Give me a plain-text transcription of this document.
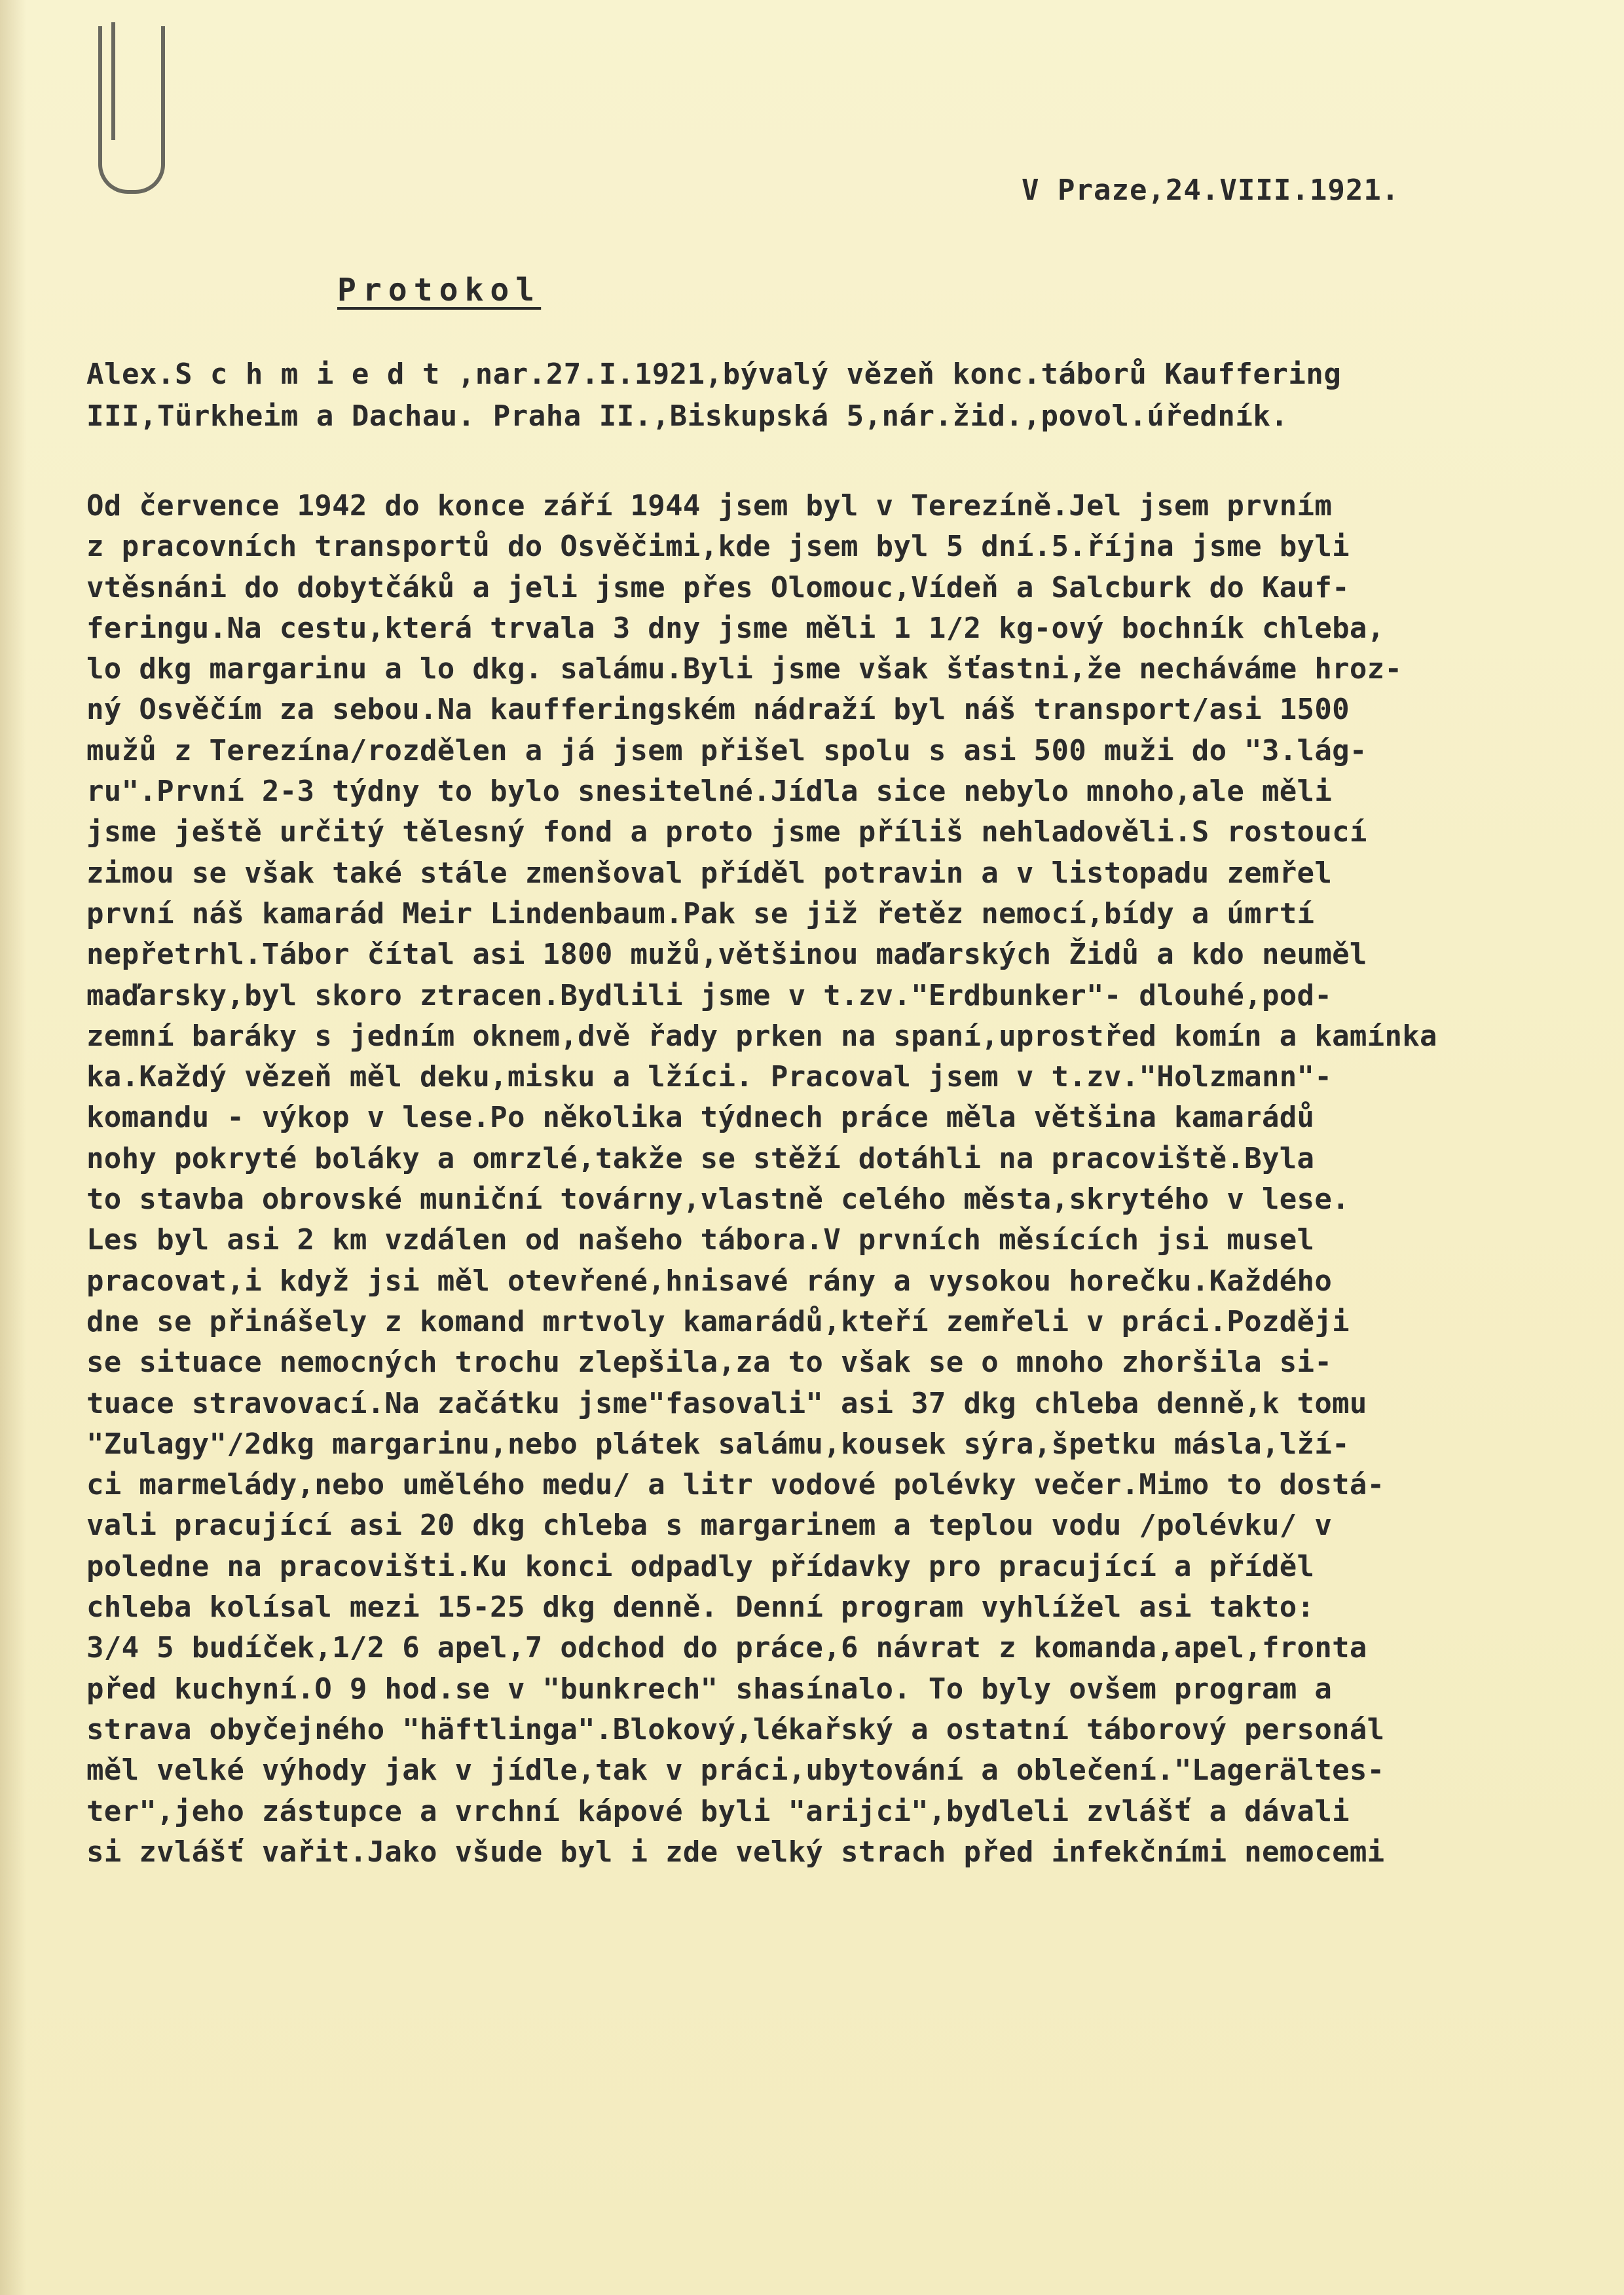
V Praze,24.VIII.1921.
Protokol
Alex.S c h m i e d t ,nar.27.I.1921,bývalý vězeň konc.táborů Kauffering
III,Türkheim a Dachau. Praha II.,Biskupská 5,nár.žid.,povol.úředník.
Od července 1942 do konce září 1944 jsem byl v Terezíně.Jel jsem prvním
z pracovních transportů do Osvěčimi,kde jsem byl 5 dní.5.října jsme byli
vtěsnáni do dobytčáků a jeli jsme přes Olomouc,Vídeň a Salcburk do Kauf-
feringu.Na cestu,která trvala 3 dny jsme měli 1 1/2 kg-ový bochník chleba,
lo dkg margarinu a lo dkg. salámu.Byli jsme však šťastni,že necháváme hroz-
ný Osvěčím za sebou.Na kaufferingském nádraží byl náš transport/asi 1500
mužů z Terezína/rozdělen a já jsem přišel spolu s asi 500 muži do "3.lág-
ru".První 2-3 týdny to bylo snesitelné.Jídla sice nebylo mnoho,ale měli
jsme ještě určitý tělesný fond a proto jsme příliš nehladověli.S rostoucí
zimou se však také stále zmenšoval příděl potravin a v listopadu zemřel
první náš kamarád Meir Lindenbaum.Pak se již řetěz nemocí,bídy a úmrtí
nepřetrhl.Tábor čítal asi 1800 mužů,většinou maďarských Židů a kdo neuměl
maďarsky,byl skoro ztracen.Bydlili jsme v t.zv."Erdbunker"- dlouhé,pod-
zemní baráky s jedním oknem,dvě řady prken na spaní,uprostřed komín a kamínka
ka.Každý vězeň měl deku,misku a lžíci. Pracoval jsem v t.zv."Holzmann"-
komandu - výkop v lese.Po několika týdnech práce měla většina kamarádů
nohy pokryté boláky a omrzlé,takže se stěží dotáhli na pracoviště.Byla
to stavba obrovské muniční továrny,vlastně celého města,skrytého v lese.
Les byl asi 2 km vzdálen od našeho tábora.V prvních měsících jsi musel
pracovat,i když jsi měl otevřené,hnisavé rány a vysokou horečku.Každého
dne se přinášely z komand mrtvoly kamarádů,kteří zemřeli v práci.Později
se situace nemocných trochu zlepšila,za to však se o mnoho zhoršila si-
tuace stravovací.Na začátku jsme"fasovali" asi 37 dkg chleba denně,k tomu
"Zulagy"/2dkg margarinu,nebo plátek salámu,kousek sýra,špetku másla,lží-
ci marmelády,nebo umělého medu/ a litr vodové polévky večer.Mimo to dostá-
vali pracující asi 20 dkg chleba s margarinem a teplou vodu /polévku/ v
poledne na pracovišti.Ku konci odpadly přídavky pro pracující a příděl
chleba kolísal mezi 15-25 dkg denně. Denní program vyhlížel asi takto:
3/4 5 budíček,1/2 6 apel,7 odchod do práce,6 návrat z komanda,apel,fronta
před kuchyní.O 9 hod.se v "bunkrech" shasínalo. To byly ovšem program a
strava obyčejného "häftlinga".Blokový,lékařský a ostatní táborový personál
měl velké výhody jak v jídle,tak v práci,ubytování a oblečení."Lagerältes-
ter",jeho zástupce a vrchní kápové byli "arijci",bydleli zvlášť a dávali
si zvlášť vařit.Jako všude byl i zde velký strach před infekčními nemocemi
